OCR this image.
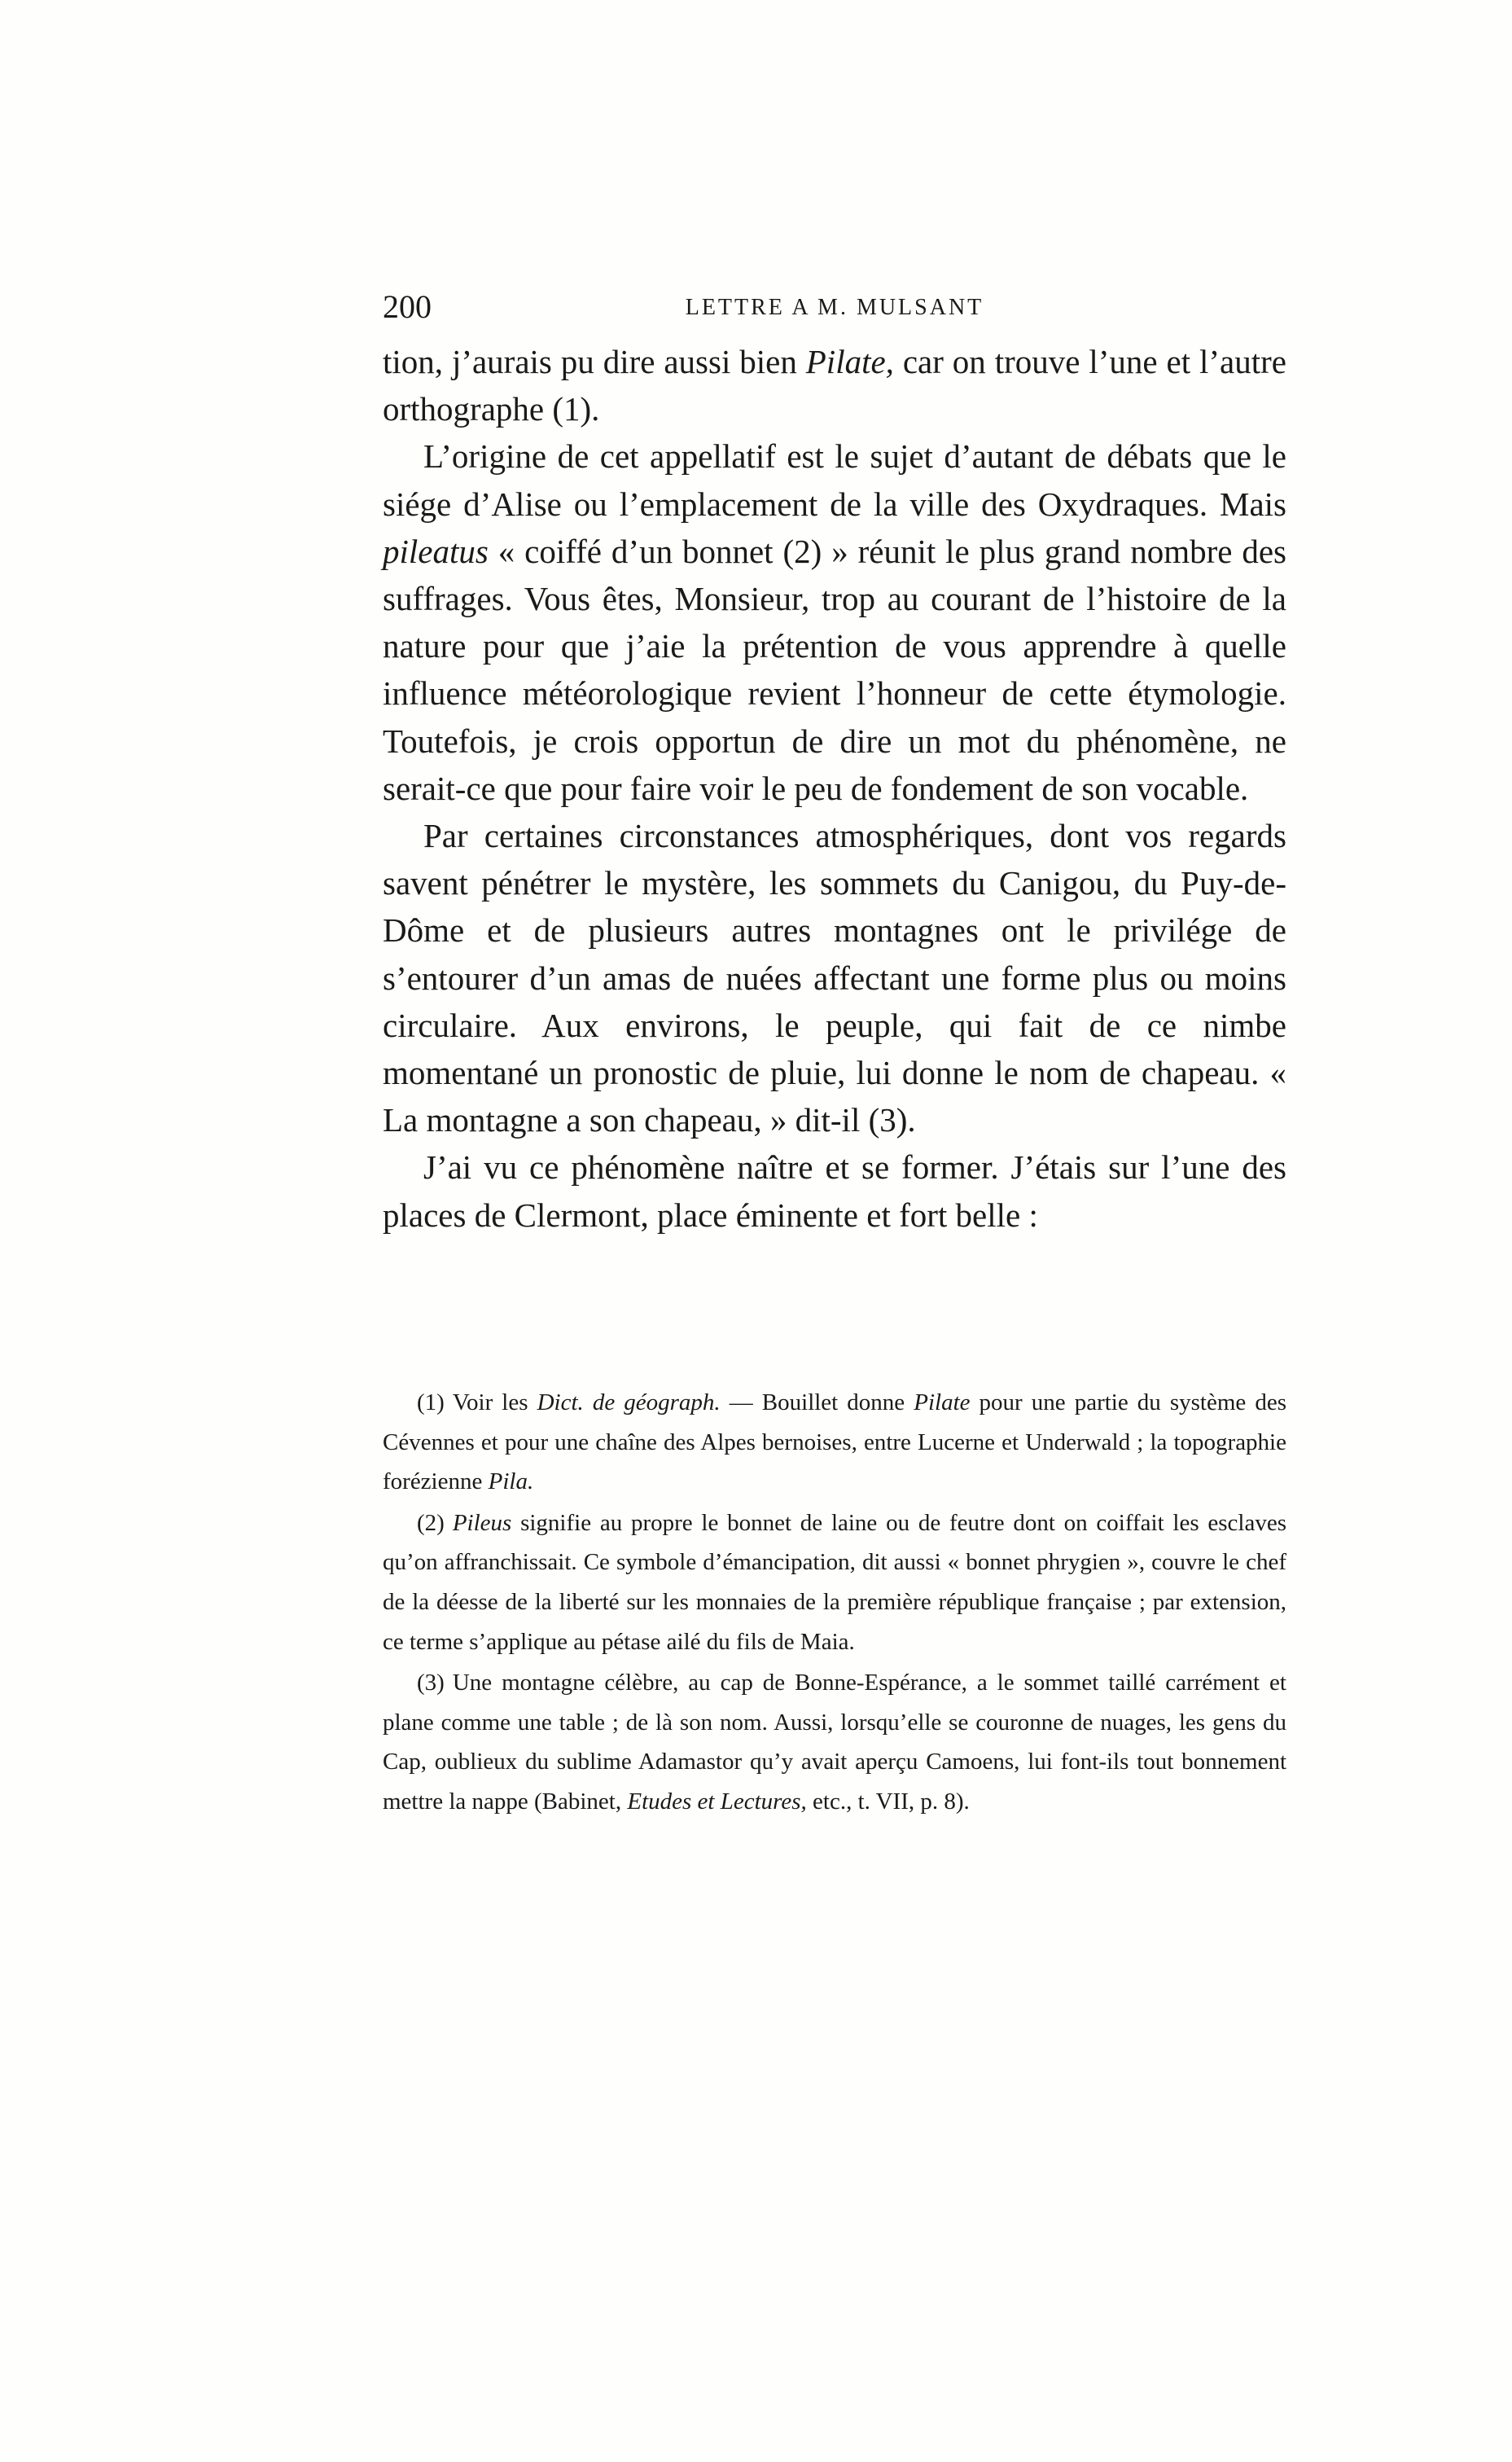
200	LETTRE A M. MULSANT

tion, j’aurais pu dire aussi bien Pilate, car on trouve l’une et l’autre orthographe (1).

L’origine de cet appellatif est le sujet d’autant de débats que le siége d’Alise ou l’emplacement de la ville des Oxydraques. Mais pileatus « coiffé d’un bonnet (2) » réunit le plus grand nombre des suffrages. Vous êtes, Monsieur, trop au courant de l’histoire de la nature pour que j’aie la prétention de vous apprendre à quelle influence météorologique revient l’honneur de cette étymologie. Toutefois, je crois opportun de dire un mot du phénomène, ne serait-ce que pour faire voir le peu de fondement de son vocable.

Par certaines circonstances atmosphériques, dont vos regards savent pénétrer le mystère, les sommets du Canigou, du Puy-de-Dôme et de plusieurs autres montagnes ont le privilége de s’entourer d’un amas de nuées affectant une forme plus ou moins circulaire. Aux environs, le peuple, qui fait de ce nimbe momentané un pronostic de pluie, lui donne le nom de chapeau. « La montagne a son chapeau, » dit-il (3).

J’ai vu ce phénomène naître et se former. J’étais sur l’une des places de Clermont, place éminente et fort belle :

(1) Voir les Dict. de géograph. — Bouillet donne Pilate pour une partie du système des Cévennes et pour une chaîne des Alpes bernoises, entre Lucerne et Underwald ; la topographie forézienne Pila.

(2) Pileus signifie au propre le bonnet de laine ou de feutre dont on coiffait les esclaves qu’on affranchissait. Ce symbole d’émancipation, dit aussi « bonnet phrygien », couvre le chef de la déesse de la liberté sur les monnaies de la première république française ; par extension, ce terme s’applique au pétase ailé du fils de Maia.

(3) Une montagne célèbre, au cap de Bonne-Espérance, a le sommet taillé carrément et plane comme une table ; de là son nom. Aussi, lorsqu’elle se couronne de nuages, les gens du Cap, oublieux du sublime Adamastor qu’y avait aperçu Camoens, lui font-ils tout bonnement mettre la nappe (Babinet, Etudes et Lectures, etc., t. VII, p. 8).
